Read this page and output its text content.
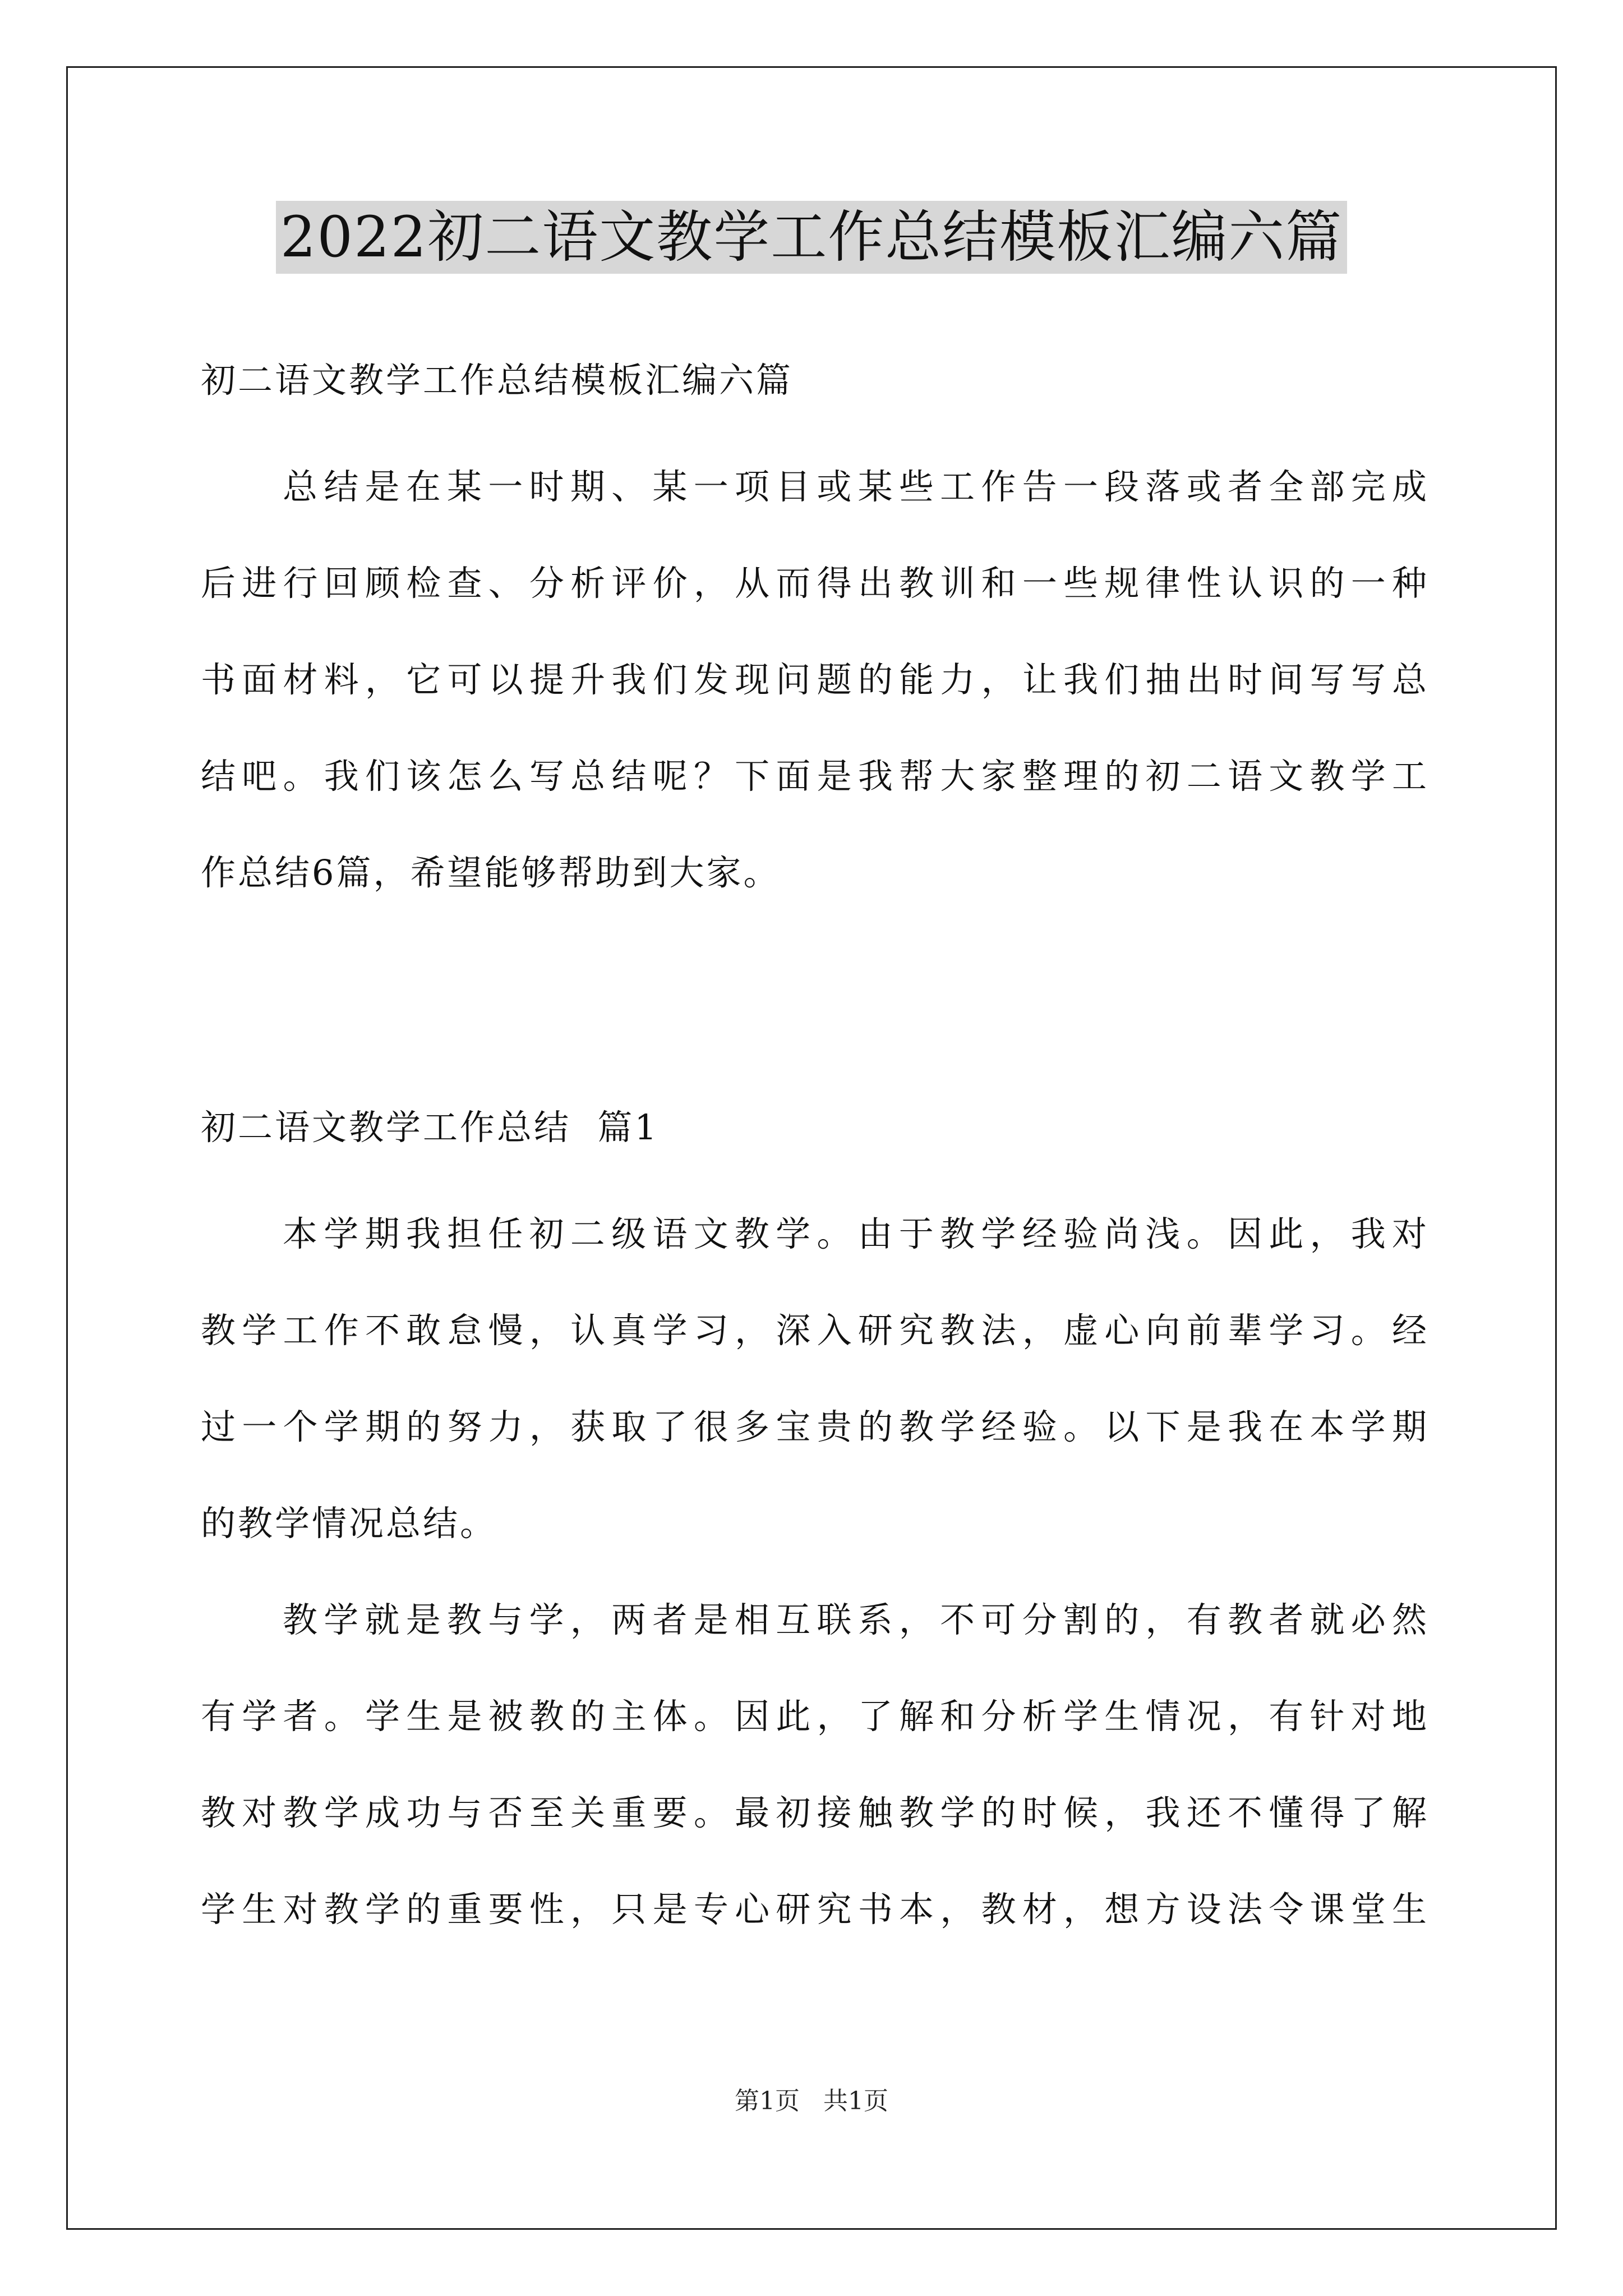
2022初二语文教学工作总结模板汇编六篇
初二语文教学工作总结模板汇编六篇
总结是在某一时期、某一项目或某些工作告一段落或者全部完成
后进行回顾检查、分析评价，从而得出教训和一些规律性认识的一种
书面材料，它可以提升我们发现问题的能力，让我们抽出时间写写总
结吧。我们该怎么写总结呢？下面是我帮大家整理的初二语文教学工
作总结6篇，希望能够帮助到大家。
初二语文教学工作总结  篇1
本学期我担任初二级语文教学。由于教学经验尚浅。因此，我对
教学工作不敢怠慢，认真学习，深入研究教法，虚心向前辈学习。经
过一个学期的努力，获取了很多宝贵的教学经验。以下是我在本学期
的教学情况总结。
教学就是教与学，两者是相互联系，不可分割的，有教者就必然
有学者。学生是被教的主体。因此，了解和分析学生情况，有针对地
教对教学成功与否至关重要。最初接触教学的时候，我还不懂得了解
学生对教学的重要性，只是专心研究书本，教材，想方设法令课堂生
第1页   共1页
